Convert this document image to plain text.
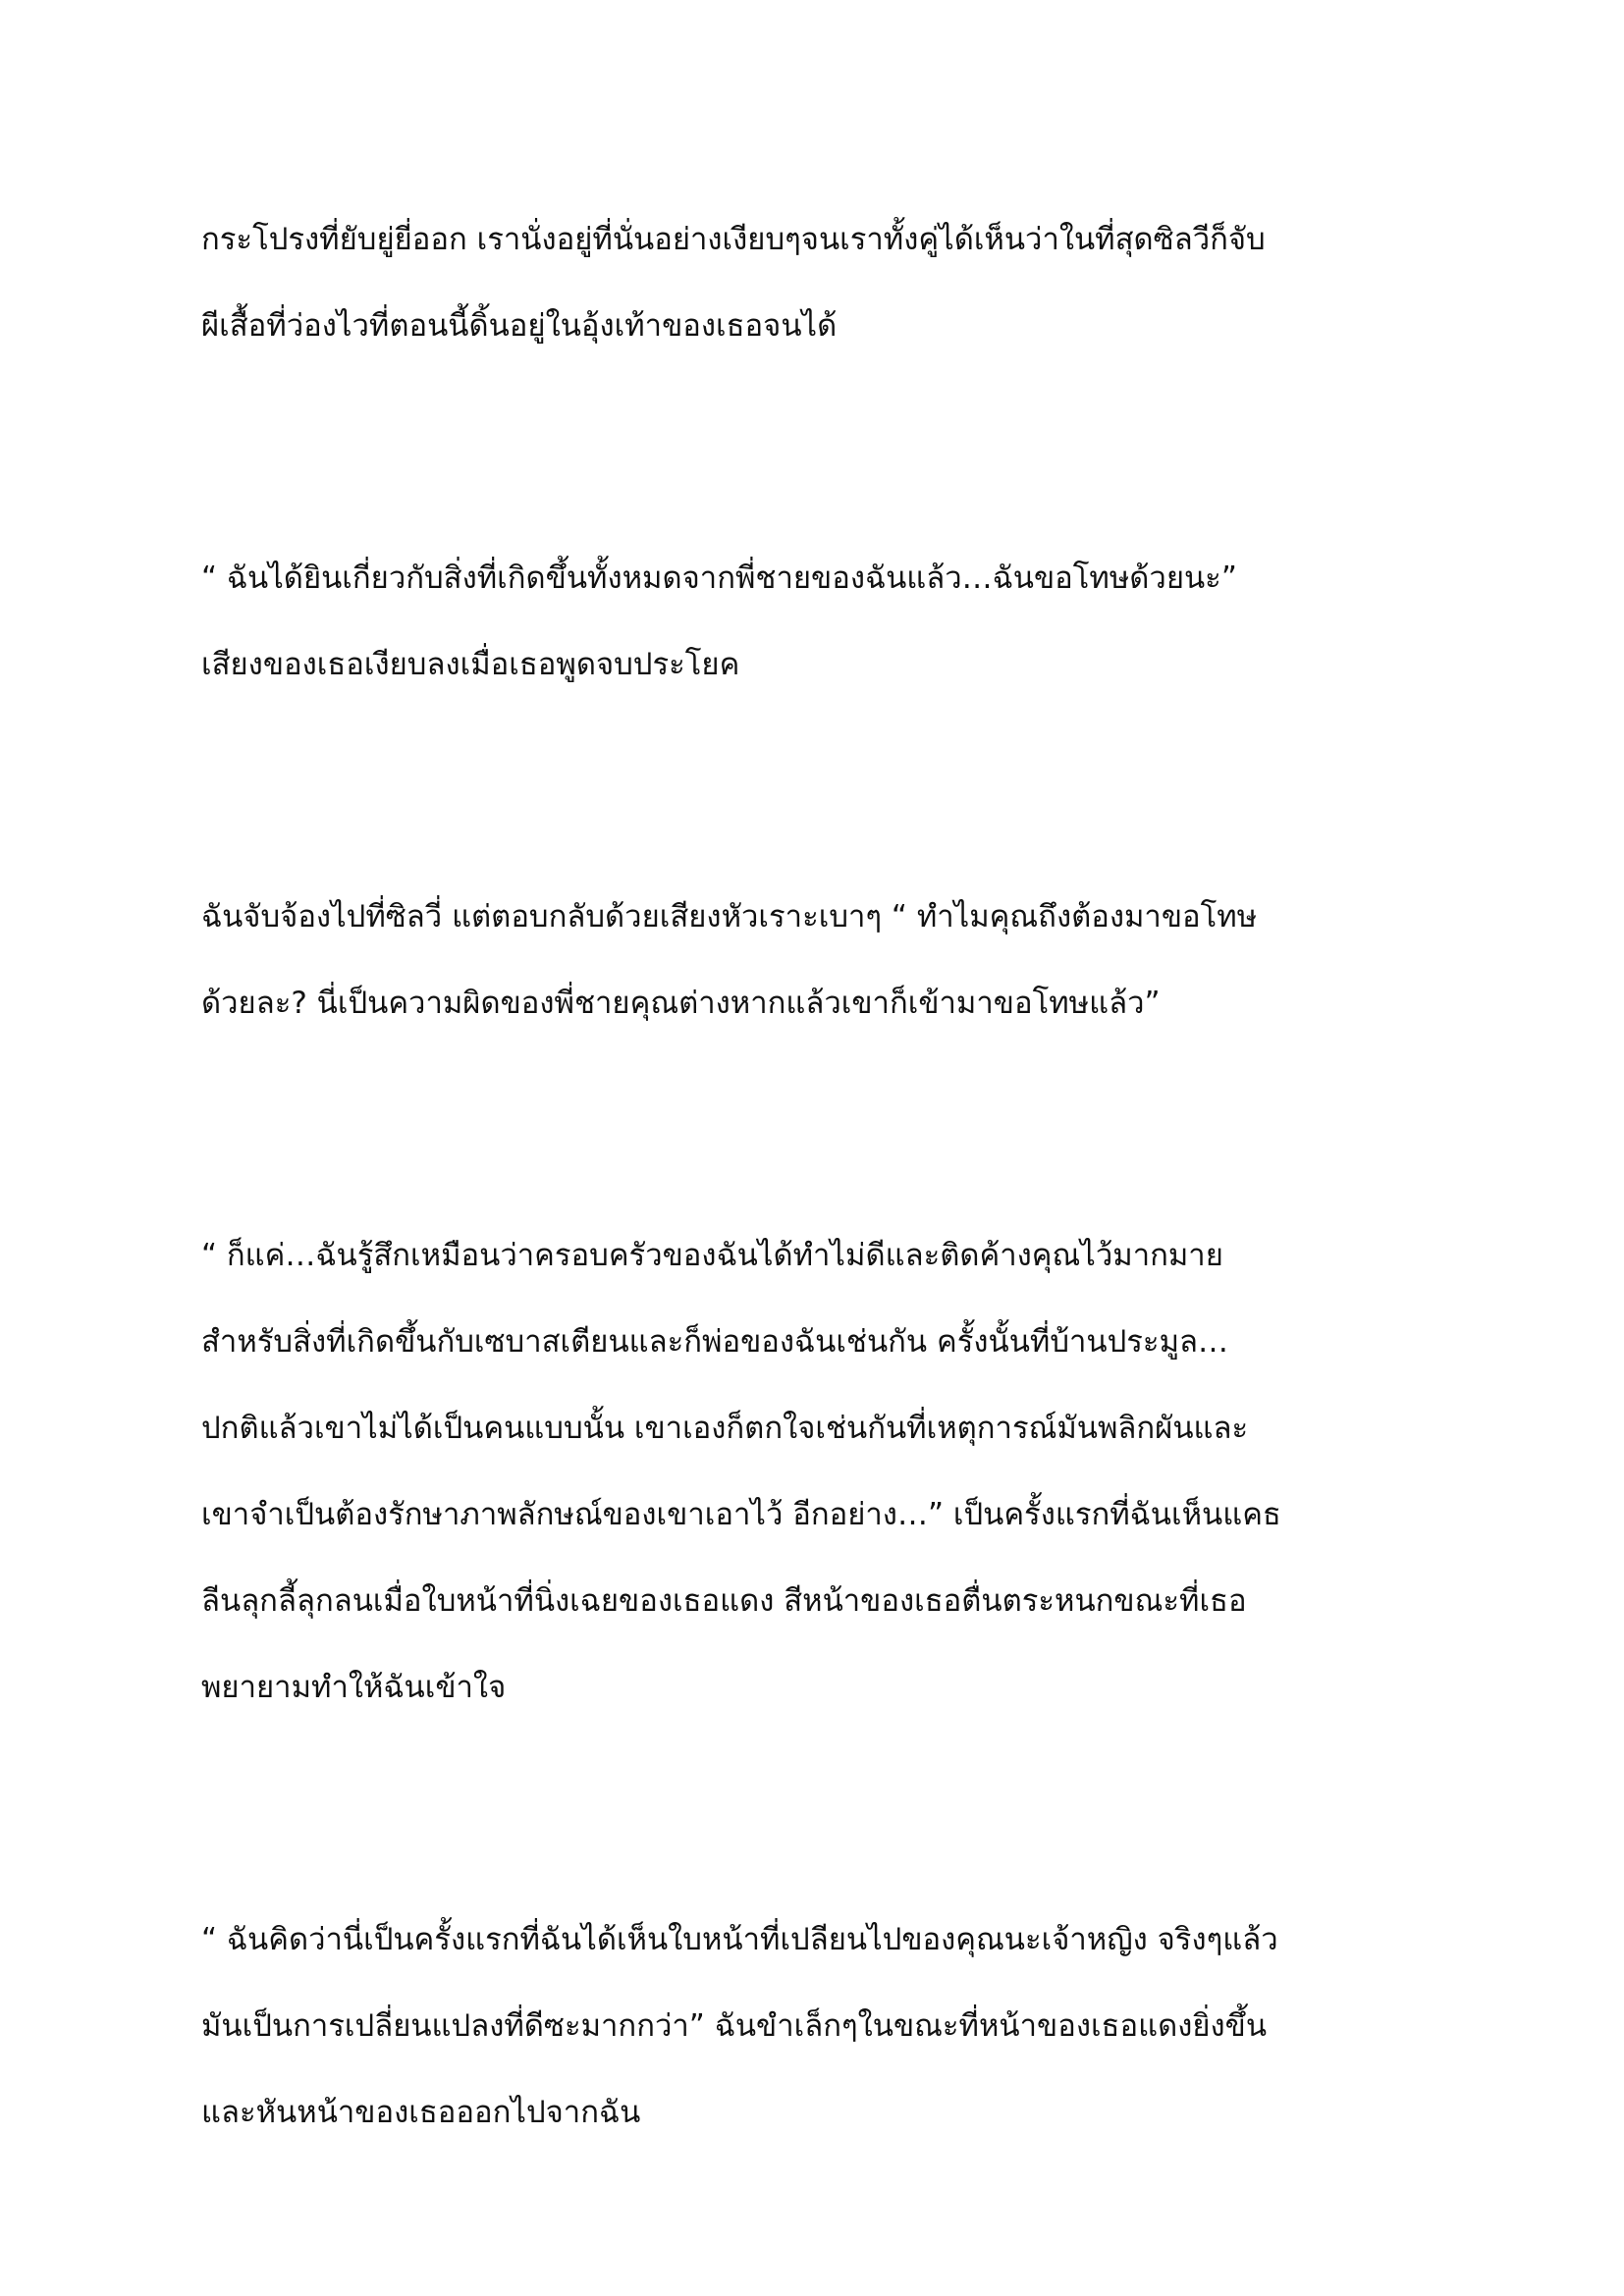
กระโปรงที่ยับยู่ยี่ออก เรานั่งอยู่ที่นั่นอย่างเงียบๆจนเราทั้งคู่ได้เห็นว่าในที่สุดซิลวีก็จับ
ผีเสื้อที่ว่องไวที่ตอนนี้ดิ้นอยู่ในอุ้งเท้าของเธอจนได้
“ ฉันได้ยินเกี่ยวกับสิ่งที่เกิดขึ้นทั้งหมดจากพี่ชายของฉันแล้ว…ฉันขอโทษด้วยนะ”
เสียงของเธอเงียบลงเมื่อเธอพูดจบประโยค
ฉันจับจ้องไปที่ซิลวี่ แต่ตอบกลับด้วยเสียงหัวเราะเบาๆ “ ทำไมคุณถึงต้องมาขอโทษ
ด้วยละ? นี่เป็นความผิดของพี่ชายคุณต่างหากแล้วเขาก็เข้ามาขอโทษแล้ว”
“ ก็แค่…ฉันรู้สึกเหมือนว่าครอบครัวของฉันได้ทำไม่ดีและติดค้างคุณไว้มากมาย
สำหรับสิ่งที่เกิดขึ้นกับเซบาสเตียนและก็พ่อของฉันเช่นกัน ครั้งนั้นที่บ้านประมูล…
ปกติแล้วเขาไม่ได้เป็นคนแบบนั้น เขาเองก็ตกใจเช่นกันที่เหตุการณ์มันพลิกผันและ
เขาจำเป็นต้องรักษาภาพลักษณ์ของเขาเอาไว้ อีกอย่าง…” เป็นครั้งแรกที่ฉันเห็นแคธ
ลีนลุกลี้ลุกลนเมื่อใบหน้าที่นิ่งเฉยของเธอแดง สีหน้าของเธอตื่นตระหนกขณะที่เธอ
พยายามทำให้ฉันเข้าใจ
“ ฉันคิดว่านี่เป็นครั้งแรกที่ฉันได้เห็นใบหน้าที่เปลียนไปของคุณนะเจ้าหญิง จริงๆแล้ว
มันเป็นการเปลี่ยนแปลงที่ดีซะมากกว่า” ฉันขำเล็กๆในขณะที่หน้าของเธอแดงยิ่งขึ้น
และหันหน้าของเธอออกไปจากฉัน
